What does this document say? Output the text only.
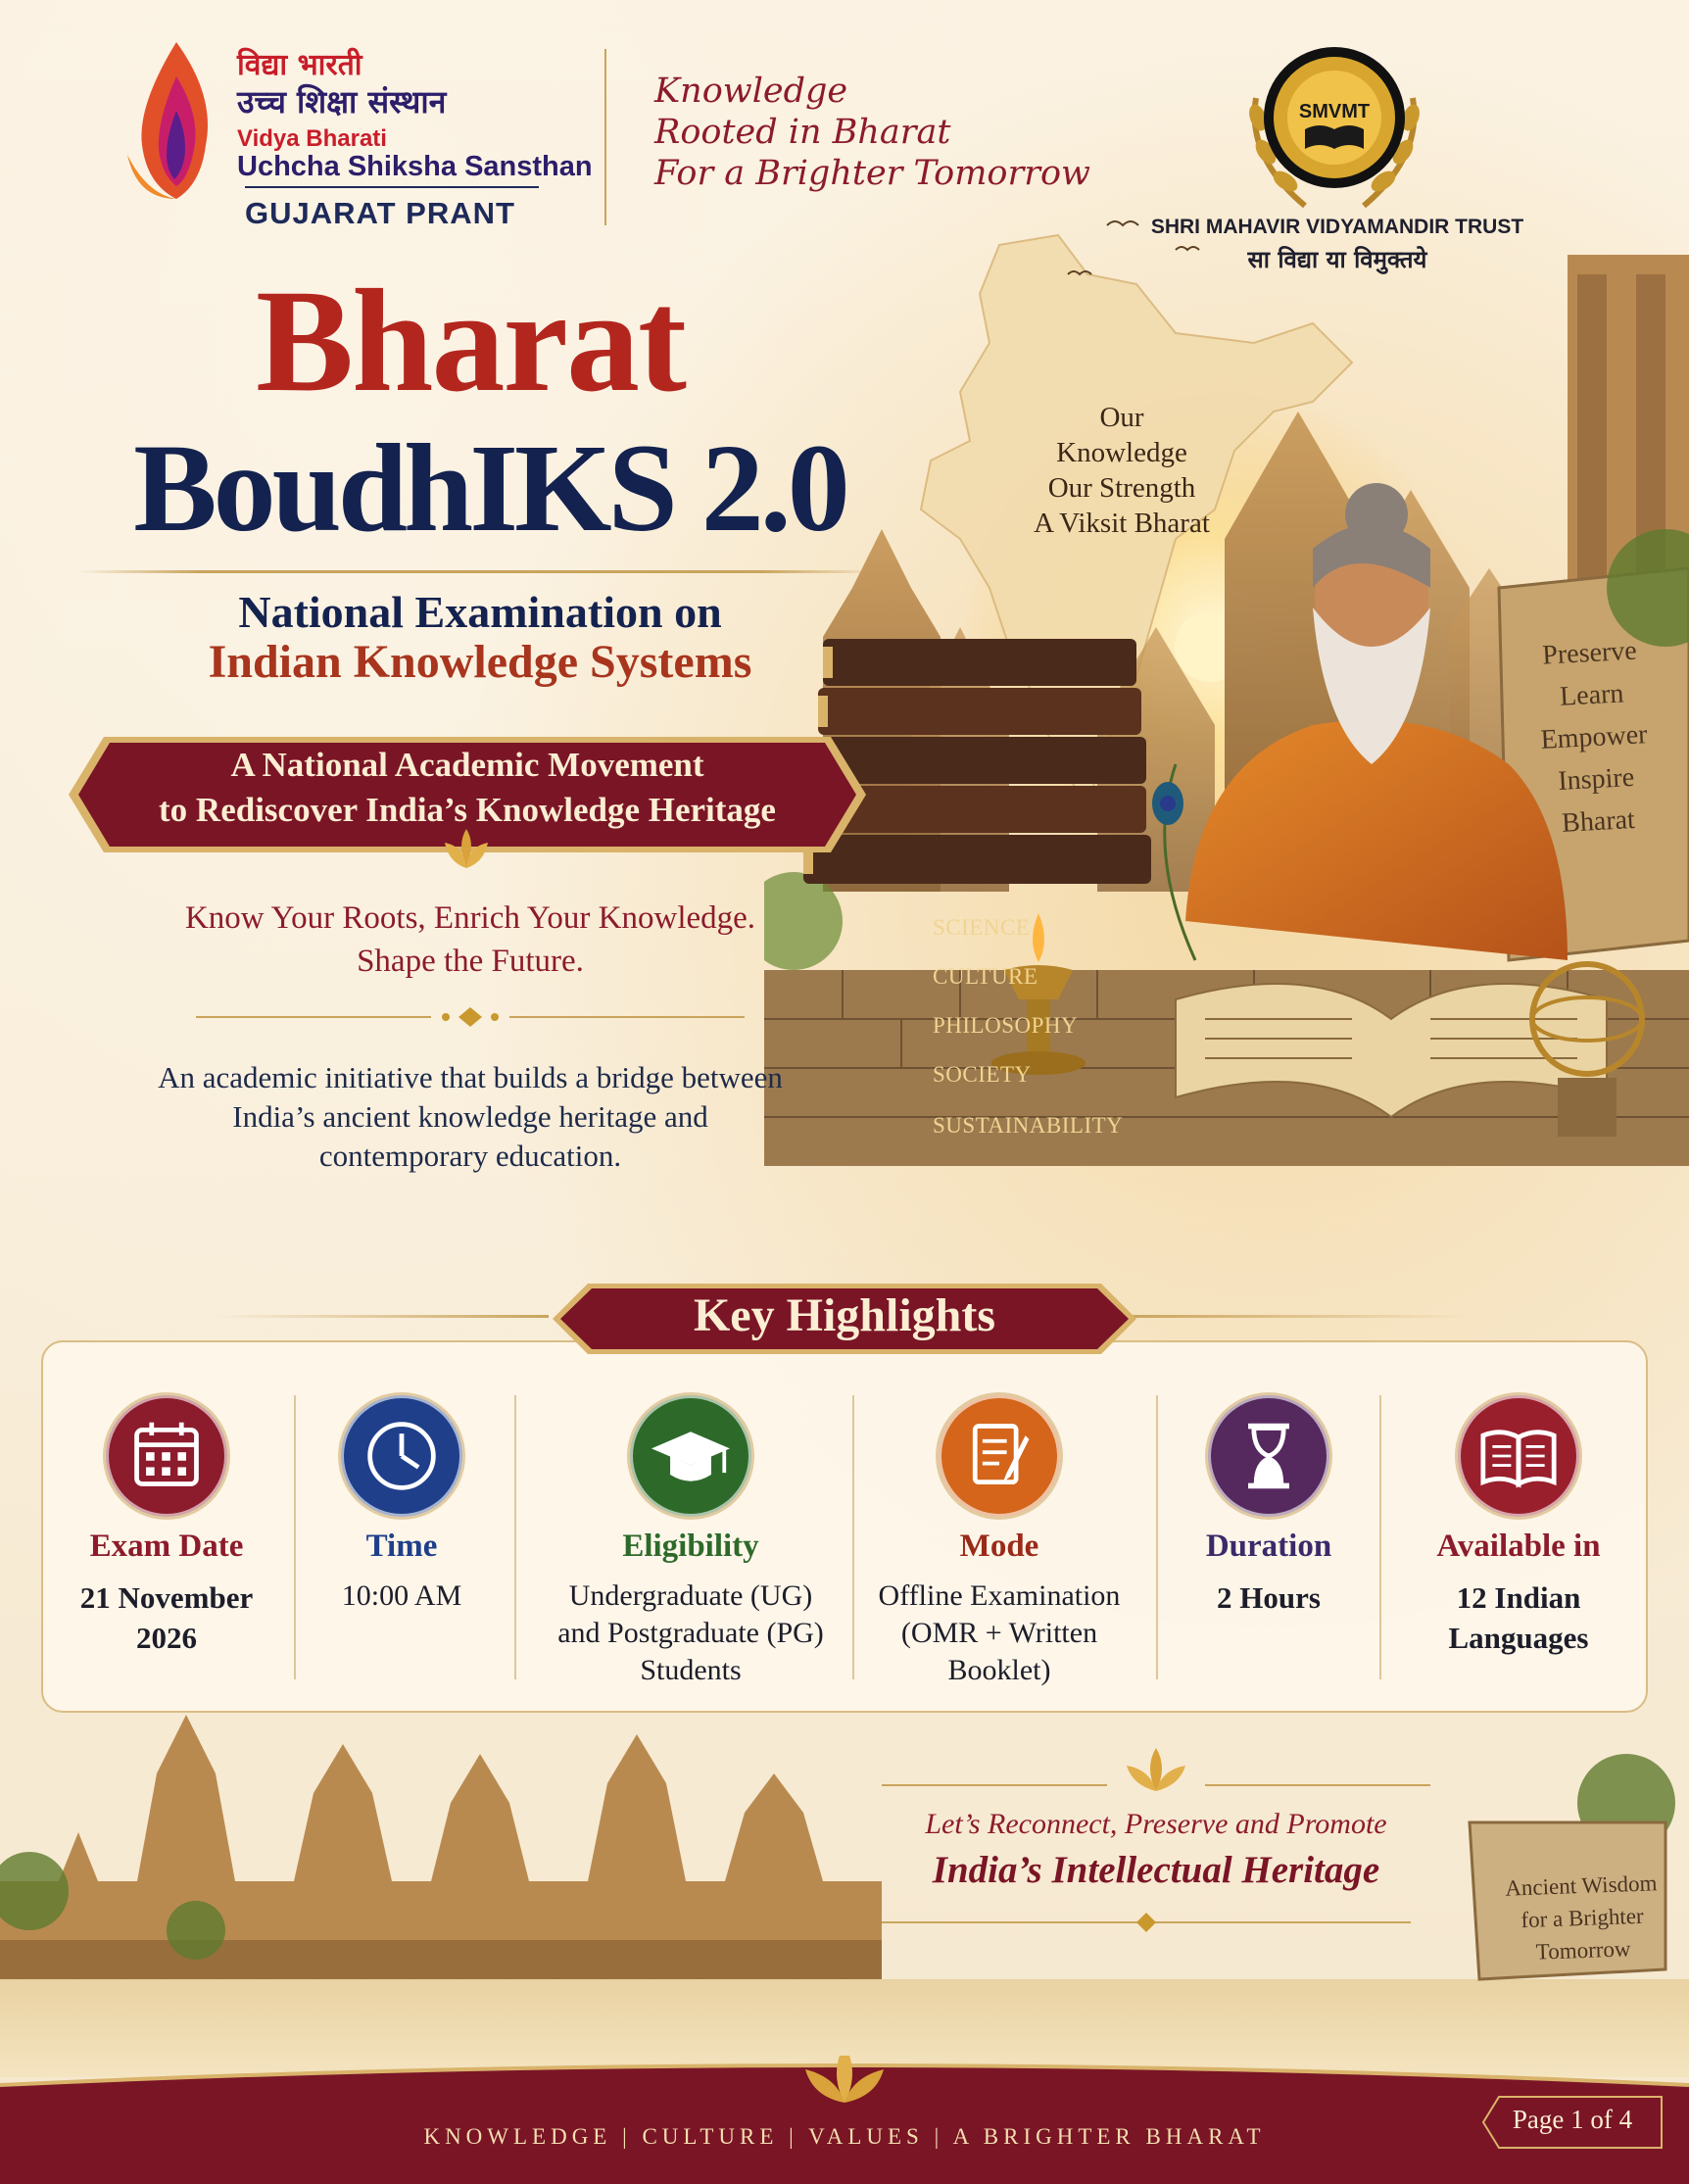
विद्या भारती
उच्च शिक्षा संस्थान
Vidya Bharati
Uchcha Shiksha Sansthan
GUJARAT PRANT
Knowledge
Rooted in Bharat
For a Brighter Tomorrow
SMVMT
SHRI MAHAVIR VIDYAMANDIR TRUST
सा विद्या या विमुक्तये
Our
Knowledge
Our Strength
A Viksit Bharat
Preserve
Learn
Empower
Inspire
Bharat
SCIENCE
CULTURE
PHILOSOPHY
SOCIETY
SUSTAINABILITY
Bharat
BoudhIKS 2.0
National Examination on
Indian Knowledge Systems
A National Academic Movement
to Rediscover India’s Knowledge Heritage
Know Your Roots, Enrich Your Knowledge.
Shape the Future.
An academic initiative that builds a bridge between
India’s ancient knowledge heritage and
contemporary education.
Key Highlights
Exam Date
21 November
2026
Time
10:00 AM
Eligibility
Undergraduate (UG)
and Postgraduate (PG)
Students
Mode
Offline Examination
(OMR + Written
Booklet)
Duration
2 Hours
Available in
12 Indian
Languages
Let’s Reconnect, Preserve and Promote
India’s Intellectual Heritage	Ancient Wisdom
for a Brighter
Tomorrow
KNOWLEDGE | CULTURE | VALUES | A BRIGHTER BHARAT
Page 1 of 4
